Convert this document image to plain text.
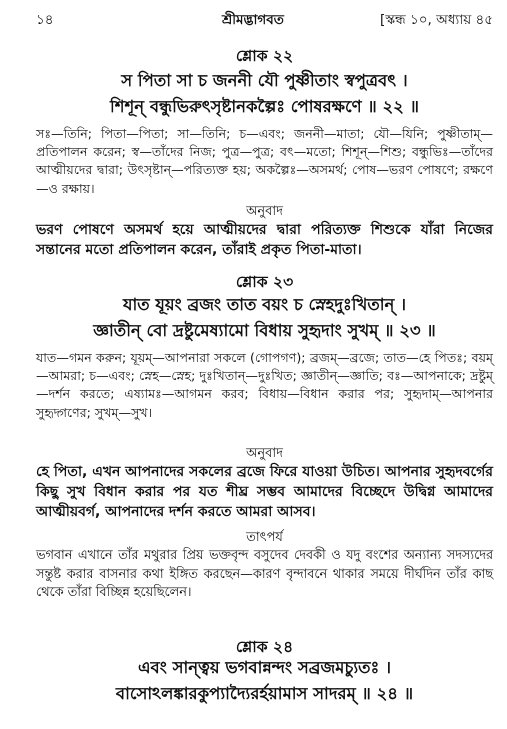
১৪	শ্রীমদ্ভাগবত	[স্কন্ধ ১০, অধ্যায় ৪৫
শ্লোক ২২
স পিতা সা চ জননী যৌ পুষ্ণীতাং স্বপুত্রবৎ ।
শিশূন্ বন্ধুভিরুৎসৃষ্টানকল্পৈঃ পোষরক্ষণে ॥ ২২ ॥
সঃ—তিনি; পিতা—পিতা; সা—তিনি; চ—এবং; জননী—মাতা; যৌ—যিনি; পুষ্ণীতাম্—প্রতিপালন করেন; স্ব—তাঁদের নিজ; পুত্র—পুত্র; বৎ—মতো; শিশূন্—শিশু; বন্ধুভিঃ—তাঁদের আত্মীয়দের দ্বারা; উৎসৃষ্টান্—পরিত্যক্ত হয়; অকল্পৈঃ—অসমর্থ; পোষ—ভরণ পোষণে; রক্ষণে—ও রক্ষায়।
অনুবাদ
ভরণ পোষণে অসমর্থ হয়ে আত্মীয়দের দ্বারা পরিত্যক্ত শিশুকে যাঁরা নিজের সন্তানের মতো প্রতিপালন করেন, তাঁরাই প্রকৃত পিতা-মাতা।
শ্লোক ২৩
যাত যূয়ং ব্রজং তাত বয়ং চ স্নেহদুঃখিতান্ ।
জ্ঞাতীন্ বো দ্রষ্টুমেষ্যামো বিধায় সুহৃদাং সুখম্ ॥ ২৩ ॥
যাত—গমন করুন; যূয়ম্—আপনারা সকলে (গোপগণ); ব্রজম্—ব্রজে; তাত—হে পিতঃ; বয়ম্—আমরা; চ—এবং; স্নেহ—স্নেহ; দুঃখিতান্—দুঃখিত; জ্ঞাতীন্—জ্ঞাতি; বঃ—আপনাকে; দ্রষ্টুম্—দর্শন করতে; এষ্যামঃ—আগমন করব; বিধায়—বিধান করার পর; সুহৃদাম্—আপনার সুহৃদ্গণের; সুখম্—সুখ।
অনুবাদ
হে পিতা, এখন আপনাদের সকলের ব্রজে ফিরে যাওয়া উচিত। আপনার সুহৃদবর্গের কিছু সুখ বিধান করার পর যত শীঘ্র সম্ভব আমাদের বিচ্ছেদে উদ্বিগ্ন আমাদের আত্মীয়বর্গ, আপনাদের দর্শন করতে আমরা আসব।
তাৎপর্য
ভগবান এখানে তাঁর মথুরার প্রিয় ভক্তবৃন্দ বসুদেব দেবকী ও যদু বংশের অন্যান্য সদস্যদের সন্তুষ্ট করার বাসনার কথা ইঙ্গিত করছেন—কারণ বৃন্দাবনে থাকার সময়ে দীর্ঘদিন তাঁর কাছ থেকে তাঁরা বিচ্ছিন্ন হয়েছিলেন।
শ্লোক ২৪
এবং সান্ত্বয় ভগবান্নন্দং সব্রজমচ্যুতঃ ।
বাসোঽলঙ্কারকুপ্যাদ্যৈরর্হয়ামাস সাদরম্ ॥ ২৪ ॥
